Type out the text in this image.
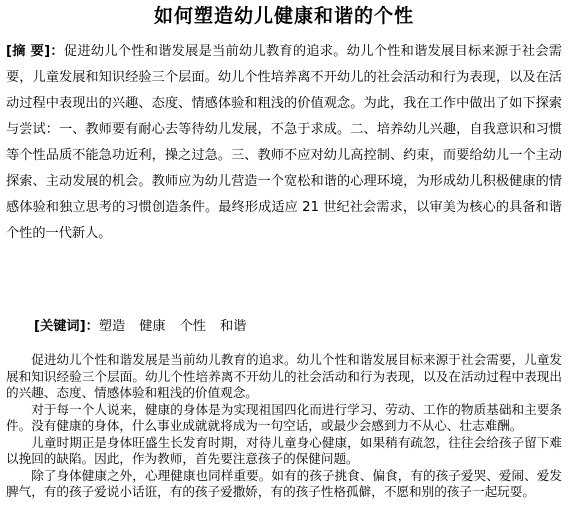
如何塑造幼儿健康和谐的个性

[摘 要]：促进幼儿个性和谐发展是当前幼儿教育的追求。幼儿个性和谐发展目标来源于社会需要，儿童发展和知识经验三个层面。幼儿个性培养离不开幼儿的社会活动和行为表现，以及在活动过程中表现出的兴趣、态度、情感体验和粗浅的价值观念。为此，我在工作中做出了如下探索与尝试：一、教师要有耐心去等待幼儿发展，不急于求成。二、培养幼儿兴趣，自我意识和习惯等个性品质不能急功近利，操之过急。三、教师不应对幼儿高控制、约束，而要给幼儿一个主动探索、主动发展的机会。教师应为幼儿营造一个宽松和谐的心理环境，为形成幼儿积极健康的情感体验和独立思考的习惯创造条件。最终形成适应 21 世纪社会需求，以审美为核心的具备和谐个性的一代新人。

[关键词]：塑造 健康 个性 和谐

促进幼儿个性和谐发展是当前幼儿教育的追求。幼儿个性和谐发展目标来源于社会需要，儿童发展和知识经验三个层面。幼儿个性培养离不开幼儿的社会活动和行为表现，以及在活动过程中表现出的兴趣、态度、情感体验和粗浅的价值观念。

对于每一个人说来，健康的身体是为实现祖国四化而进行学习、劳动、工作的物质基础和主要条件。没有健康的身体，什么事业成就就将成为一句空话，或最少会感到力不从心、壮志难酬。

儿童时期正是身体旺盛生长发育时期，对待儿童身心健康，如果稍有疏忽，往往会给孩子留下难以挽回的缺陷。因此，作为教师，首先要注意孩子的保健问题。

除了身体健康之外，心理健康也同样重要。如有的孩子挑食、偏食，有的孩子爱哭、爱闹、爱发脾气，有的孩子爱说小话诳，有的孩子爱撒娇，有的孩子性格孤僻，不愿和别的孩子一起玩耍。
